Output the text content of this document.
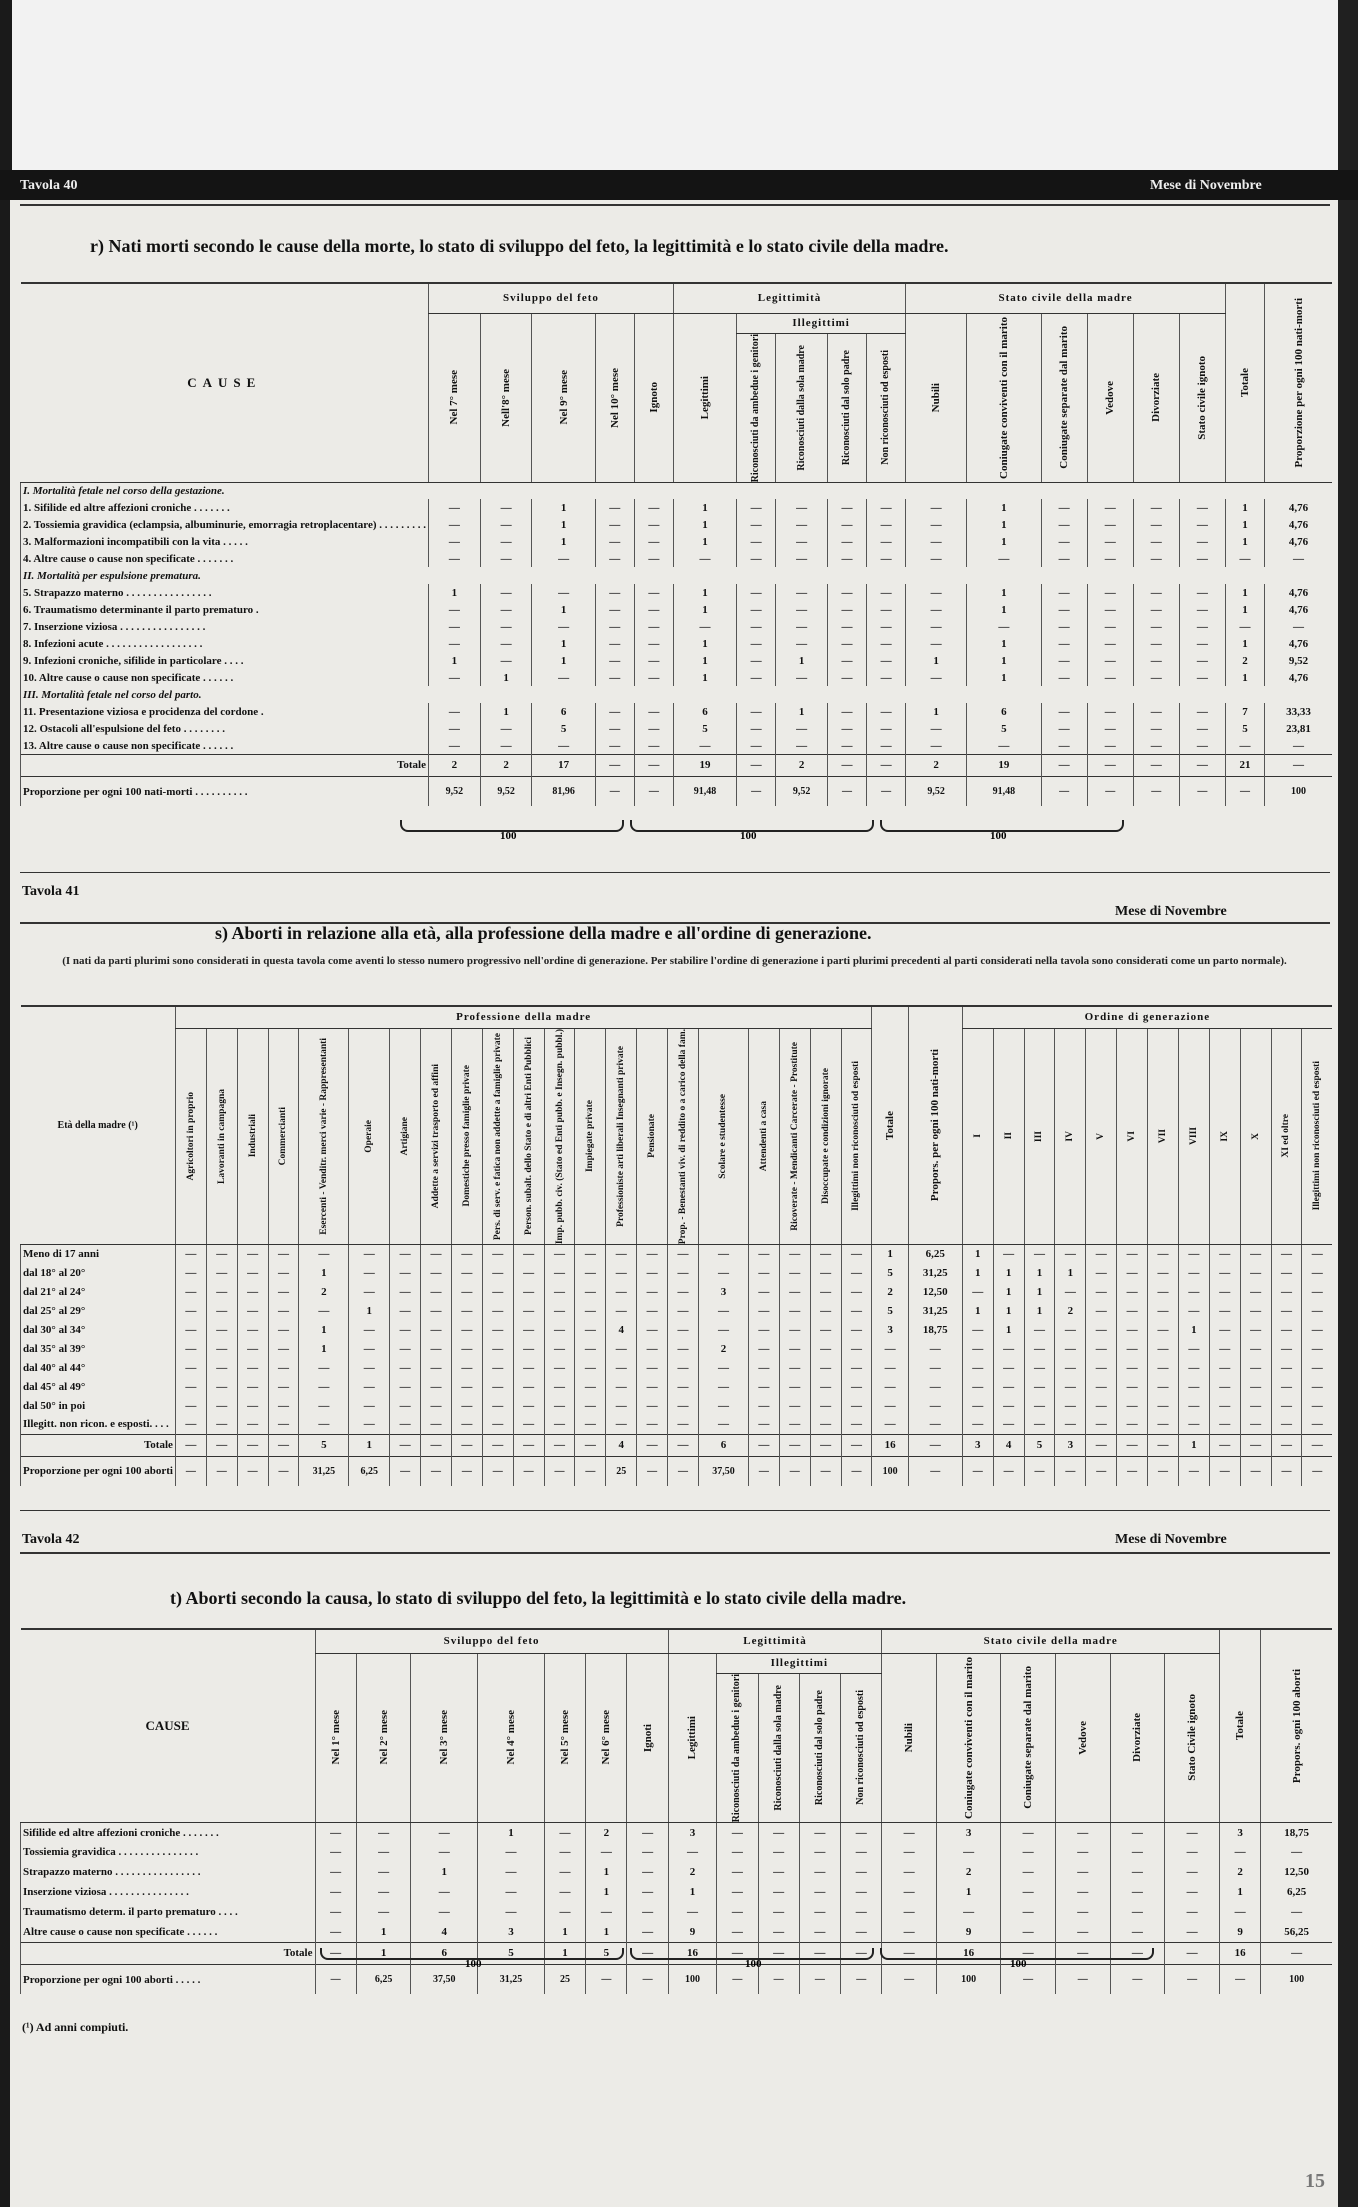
Tavola 40	Mese di Novembre
r) Nati morti secondo le cause della morte, lo stato di sviluppo del feto, la legittimità e lo stato civile della madre.
CAUSE	Sviluppo del feto					Legittimità					Stato civile della madre						Totale	Proporzione per ogni 100 nati-morti

	Nel 7° mese	Nell'8° mese	Nel 9° mese	Nel 10° mese	Ignoto	Legittimi	Illegittimi				Nubili	Coniugate conviventi con il marito	Coniugate separate dal marito	Vedove	Divorziate	Stato civile ignoto		

							Riconosciuti da ambedue i genitori	Riconosciuti dalla sola madre	Riconosciuti dal solo padre	Non riconosciuti od esposti								

I. Mortalità fetale nel corso della gestazione.																		
1. Sifilide ed altre affezioni croniche . . . . . . .	—	—	1	—	—	1	—	—	—	—	—	1	—	—	—	—	1	4,76
2. Tossiemia gravidica (eclampsia, albuminurie, emorragia retroplacentare) . . . . . . . . .	—	—	1	—	—	1	—	—	—	—	—	1	—	—	—	—	1	4,76
3. Malformazioni incompatibili con la vita . . . . .	—	—	1	—	—	1	—	—	—	—	—	1	—	—	—	—	1	4,76
4. Altre cause o cause non specificate . . . . . . .	—	—	—	—	—	—	—	—	—	—	—	—	—	—	—	—	—	—
II. Mortalità per espulsione prematura.																		
5. Strapazzo materno . . . . . . . . . . . . . . . .	1	—	—	—	—	1	—	—	—	—	—	1	—	—	—	—	1	4,76
6. Traumatismo determinante il parto prematuro .	—	—	1	—	—	1	—	—	—	—	—	1	—	—	—	—	1	4,76
7. Inserzione viziosa . . . . . . . . . . . . . . . .	—	—	—	—	—	—	—	—	—	—	—	—	—	—	—	—	—	—
8. Infezioni acute . . . . . . . . . . . . . . . . . .	—	—	1	—	—	1	—	—	—	—	—	1	—	—	—	—	1	4,76
9. Infezioni croniche, sifilide in particolare . . . .	1	—	1	—	—	1	—	1	—	—	1	1	—	—	—	—	2	9,52
10. Altre cause o cause non specificate . . . . . .	—	1	—	—	—	1	—	—	—	—	—	1	—	—	—	—	1	4,76
III. Mortalità fetale nel corso del parto.																		
11. Presentazione viziosa e procidenza del cordone .	—	1	6	—	—	6	—	1	—	—	1	6	—	—	—	—	7	33,33
12. Ostacoli all'espulsione del feto . . . . . . . .	—	—	5	—	—	5	—	—	—	—	—	5	—	—	—	—	5	23,81
13. Altre cause o cause non specificate . . . . . .	—	—	—	—	—	—	—	—	—	—	—	—	—	—	—	—	—	—
Totale	2	2	17	—	—	19	—	2	—	—	2	19	—	—	—	—	21	—
Proporzione per ogni 100 nati-morti . . . . . . . . . .	9,52	9,52	81,96	—	—	91,48	—	9,52	—	—	9,52	91,48	—	—	—	—	—	100
100	100	100
Tavola 41
Mese di Novembre
s) Aborti in relazione alla età, alla professione della madre e all'ordine di generazione.
(I nati da parti plurimi sono considerati in questa tavola come aventi lo stesso numero progressivo nell'ordine di generazione. Per stabilire l'ordine di generazione i parti plurimi precedenti al parti considerati nella tavola sono considerati come un parto normale).
Età della madre (¹)	Professione della madre																					Totale	Propors. per ogni 100 nati-morti	Ordine di generazione											

	Agricoltori in proprio	Lavoranti in campagna	Industriali	Commercianti	Esercenti - Venditr. merci varie - Rappresentanti	Operaie	Artigiane	Addette a servizi trasporto ed affini	Domestiche presso famiglie private	Pers. di serv. e fatica non addette a famiglie private	Person. subalt. dello Stato e di altri Enti Pubblici	Imp. pubb. civ. (Stato ed Enti pubb. e Insegn. pubbl.)	Impiegate private	Professioniste arti liberali Insegnanti private	Pensionate	Prop. - Benestanti viv. di reddito o a carico della fam.	Scolare e studentesse	Attendenti a casa	Ricoverate - Mendicanti Carcerate - Prostitute	Disoccupate e condizioni ignorate	Illegittimi non riconosciuti od esposti			I	II	III	IV	V	VI	VII	VIII	IX	X	XI ed oltre	Illegittimi non riconosciuti ed esposti

Meno di 17 anni	—	—	—	—	—	—	—	—	—	—	—	—	—	—	—	—	—	—	—	—	—	1	6,25	1	—	—	—	—	—	—	—	—	—	—	—
dal 18° al 20°	—	—	—	—	1	—	—	—	—	—	—	—	—	—	—	—	—	—	—	—	—	5	31,25	1	1	1	1	—	—	—	—	—	—	—	—
dal 21° al 24°	—	—	—	—	2	—	—	—	—	—	—	—	—	—	—	—	3	—	—	—	—	2	12,50	—	1	1	—	—	—	—	—	—	—	—	—
dal 25° al 29°	—	—	—	—	—	1	—	—	—	—	—	—	—	—	—	—	—	—	—	—	—	5	31,25	1	1	1	2	—	—	—	—	—	—	—	—
dal 30° al 34°	—	—	—	—	1	—	—	—	—	—	—	—	—	4	—	—	—	—	—	—	—	3	18,75	—	1	—	—	—	—	—	1	—	—	—	—
dal 35° al 39°	—	—	—	—	1	—	—	—	—	—	—	—	—	—	—	—	2	—	—	—	—	—	—	—	—	—	—	—	—	—	—	—	—	—	—
dal 40° al 44°	—	—	—	—	—	—	—	—	—	—	—	—	—	—	—	—	—	—	—	—	—	—	—	—	—	—	—	—	—	—	—	—	—	—	—
dal 45° al 49°	—	—	—	—	—	—	—	—	—	—	—	—	—	—	—	—	—	—	—	—	—	—	—	—	—	—	—	—	—	—	—	—	—	—	—
dal 50° in poi	—	—	—	—	—	—	—	—	—	—	—	—	—	—	—	—	—	—	—	—	—	—	—	—	—	—	—	—	—	—	—	—	—	—	—
Illegitt. non ricon. e esposti. . . .	—	—	—	—	—	—	—	—	—	—	—	—	—	—	—	—	—	—	—	—	—	—	—	—	—	—	—	—	—	—	—	—	—	—	—
Totale	—	—	—	—	5	1	—	—	—	—	—	—	—	4	—	—	6	—	—	—	—	16	—	3	4	5	3	—	—	—	1	—	—	—	—
Proporzione per ogni 100 aborti	—	—	—	—	31,25	6,25	—	—	—	—	—	—	—	25	—	—	37,50	—	—	—	—	100	—	—	—	—	—	—	—	—	—	—	—	—	—
Tavola 42	Mese di Novembre
t) Aborti secondo la causa, lo stato di sviluppo del feto, la legittimità e lo stato civile della madre.
CAUSE	Sviluppo del feto							Legittimità					Stato civile della madre						Totale	Propors. ogni 100 aborti

	Nel 1° mese	Nel 2° mese	Nel 3° mese	Nel 4° mese	Nel 5° mese	Nel 6° mese	Ignoti	Legittimi	Illegittimi				Nubili	Coniugate conviventi con il marito	Coniugate separate dal marito	Vedove	Divorziate	Stato Civile ignoto		

									Riconosciuti da ambedue i genitori	Riconosciuti dalla sola madre	Riconosciuti dal solo padre	Non riconosciuti od esposti								

Sifilide ed altre affezioni croniche . . . . . . .	—	—	—	1	—	2	—	3	—	—	—	—	—	3	—	—	—	—	3	18,75
Tossiemia gravidica . . . . . . . . . . . . . . .	—	—	—	—	—	—	—	—	—	—	—	—	—	—	—	—	—	—	—	—
Strapazzo materno . . . . . . . . . . . . . . . .	—	—	1	—	—	1	—	2	—	—	—	—	—	2	—	—	—	—	2	12,50
Inserzione viziosa . . . . . . . . . . . . . . .	—	—	—	—	—	1	—	1	—	—	—	—	—	1	—	—	—	—	1	6,25
Traumatismo determ. il parto prematuro . . . .	—	—	—	—	—	—	—	—	—	—	—	—	—	—	—	—	—	—	—	—
Altre cause o cause non specificate . . . . . .	—	1	4	3	1	1	—	9	—	—	—	—	—	9	—	—	—	—	9	56,25
Totale	—	1	6	5	1	5	—	16	—	—	—	—	—	16	—	—	—	—	16	—
Proporzione per ogni 100 aborti . . . . .	—	6,25	37,50	31,25	25	—	—	100	—	—	—	—	—	100	—	—	—	—	—	100
100	100	100
(¹) Ad anni compiuti.
15
